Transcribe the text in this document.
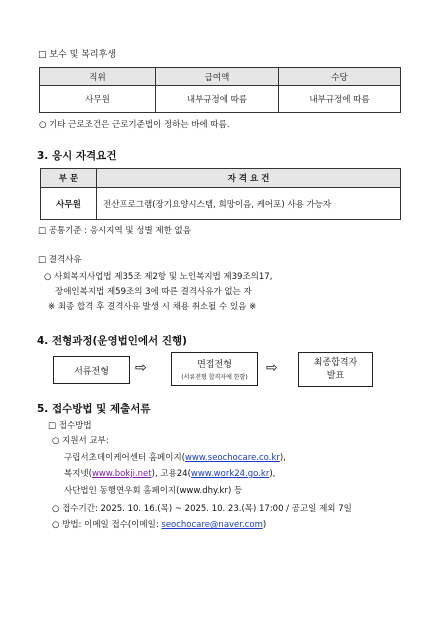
□ 보수 및 복리후생
직위	급여액	수당
사무원	내부규정에 따름	내부규정에 따름
○ 기타 근로조건은 근로기준법이 정하는 바에 따름.
3. 응시 자격요건
부 문	자 격 요 건
사무원	전산프로그램(장기요양시스템, 희망이음, 케어포) 사용 가능자
□ 공통기준 : 응시지역 및 성별 제한 없음
□ 결격사유
○ 사회복지사업법 제35조 제2항 및 노인복지법 제39조의17,
장애인복지법 제59조의 3에 따른 결격사유가 없는 자
※ 최종 합격 후 결격사유 발생 시 채용 취소될 수 있음 ※
4. 전형과정(운영법인에서 진행)
서류전형 ⇨	면접전형
(서류전형 합격자에 한함)
⇨	최종합격자
발표
5. 접수방법 및 제출서류
□ 접수방법
○ 지원서 교부:
구립서초데이케어센터 홈페이지(www.seochocare.co.kr),
복지넷(www.bokji.net), 고용24(www.work24.go.kr),
사단법인 동행연우회 홈페이지(www.dhy.kr) 등
○ 접수기간: 2025. 10. 16.(목) ~ 2025. 10. 23.(목) 17:00 / 공고일 제외 7일
○ 방법: 이메일 접수(이메일: seochocare@naver.com)
